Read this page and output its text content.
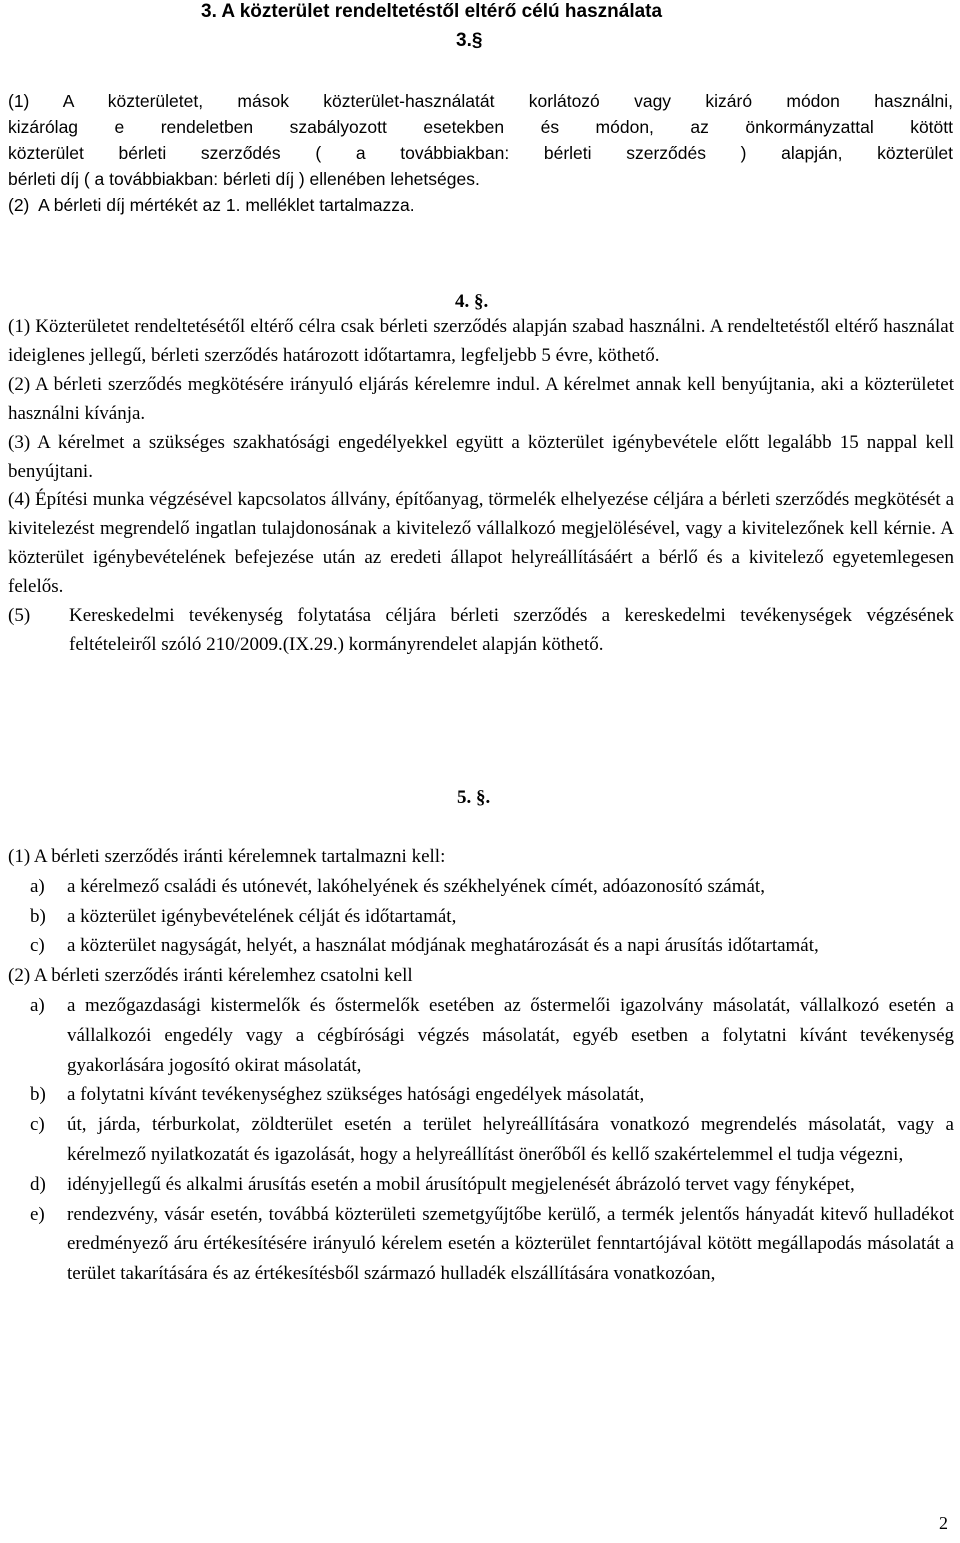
3. A közterület rendeltetéstől eltérő célú használata
3.§

(1) A közterületet, mások közterület-használatát korlátozó vagy kizáró módon használni,

kizárólag e rendeletben szabályozott esetekben és módon, az önkormányzattal kötött

közterület bérleti szerződés ( a továbbiakban: bérleti szerződés ) alapján, közterület

bérleti díj ( a továbbiakban: bérleti díj ) ellenében lehetséges.

(2)  A bérleti díj mértékét az 1. melléklet tartalmazza.

4. §.

(1) Közterületet rendeltetésétől eltérő célra csak bérleti szerződés alapján szabad használni. A rendeltetéstől eltérő használat ideiglenes jellegű, bérleti szerződés határozott időtartamra, legfeljebb 5 évre, köthető.

(2) A bérleti szerződés megkötésére irányuló eljárás kérelemre indul. A kérelmet annak kell benyújtania, aki a közterületet használni kívánja.

(3) A kérelmet a szükséges szakhatósági engedélyekkel együtt a közterület igénybevétele előtt legalább 15 nappal kell benyújtani.

(4) Építési munka végzésével kapcsolatos állvány, építőanyag, törmelék elhelyezése céljára a bérleti szerződés megkötését a kivitelezést megrendelő ingatlan tulajdonosának a kivitelező vállalkozó megjelölésével, vagy a kivitelezőnek kell kérnie. A közterület igénybevételének befejezése után az eredeti állapot helyreállításáért a bérlő és a kivitelező egyetemlegesen felelős.

(5) Kereskedelmi tevékenység folytatása céljára bérleti szerződés a kereskedelmi tevékenységek végzésének feltételeiről szóló 210/2009.(IX.29.) kormányrendelet alapján köthető.

5. §.

(1) A bérleti szerződés iránti kérelemnek tartalmazni kell:

a)	a kérelmező családi és utónevét, lakóhelyének és székhelyének címét, adóazonosító számát,
b)	a közterület igénybevételének célját és időtartamát,
c)	a közterület nagyságát, helyét, a használat módjának meghatározását és a napi árusítás időtartamát,

(2) A bérleti szerződés iránti kérelemhez csatolni kell

a)	a mezőgazdasági kistermelők és őstermelők esetében az őstermelői igazolvány másolatát, vállalkozó esetén a vállalkozói engedély vagy a cégbírósági végzés másolatát, egyéb esetben a folytatni kívánt tevékenység gyakorlására jogosító okirat másolatát,
b)	a folytatni kívánt tevékenységhez szükséges hatósági engedélyek másolatát,
c)	út, járda, térburkolat, zöldterület esetén a terület helyreállítására vonatkozó megrendelés másolatát, vagy a kérelmező nyilatkozatát és igazolását, hogy a helyreállítást önerőből és kellő szakértelemmel el tudja végezni,
d)	idényjellegű és alkalmi árusítás esetén a mobil árusítópult megjelenését ábrázoló tervet vagy fényképet,
e)	rendezvény, vásár esetén, továbbá közterületi szemetgyűjtőbe kerülő, a termék jelentős hányadát kitevő hulladékot eredményező áru értékesítésére irányuló kérelem esetén a közterület fenntartójával kötött megállapodás másolatát a terület takarítására és az értékesítésből származó hulladék elszállítására vonatkozóan,
2
